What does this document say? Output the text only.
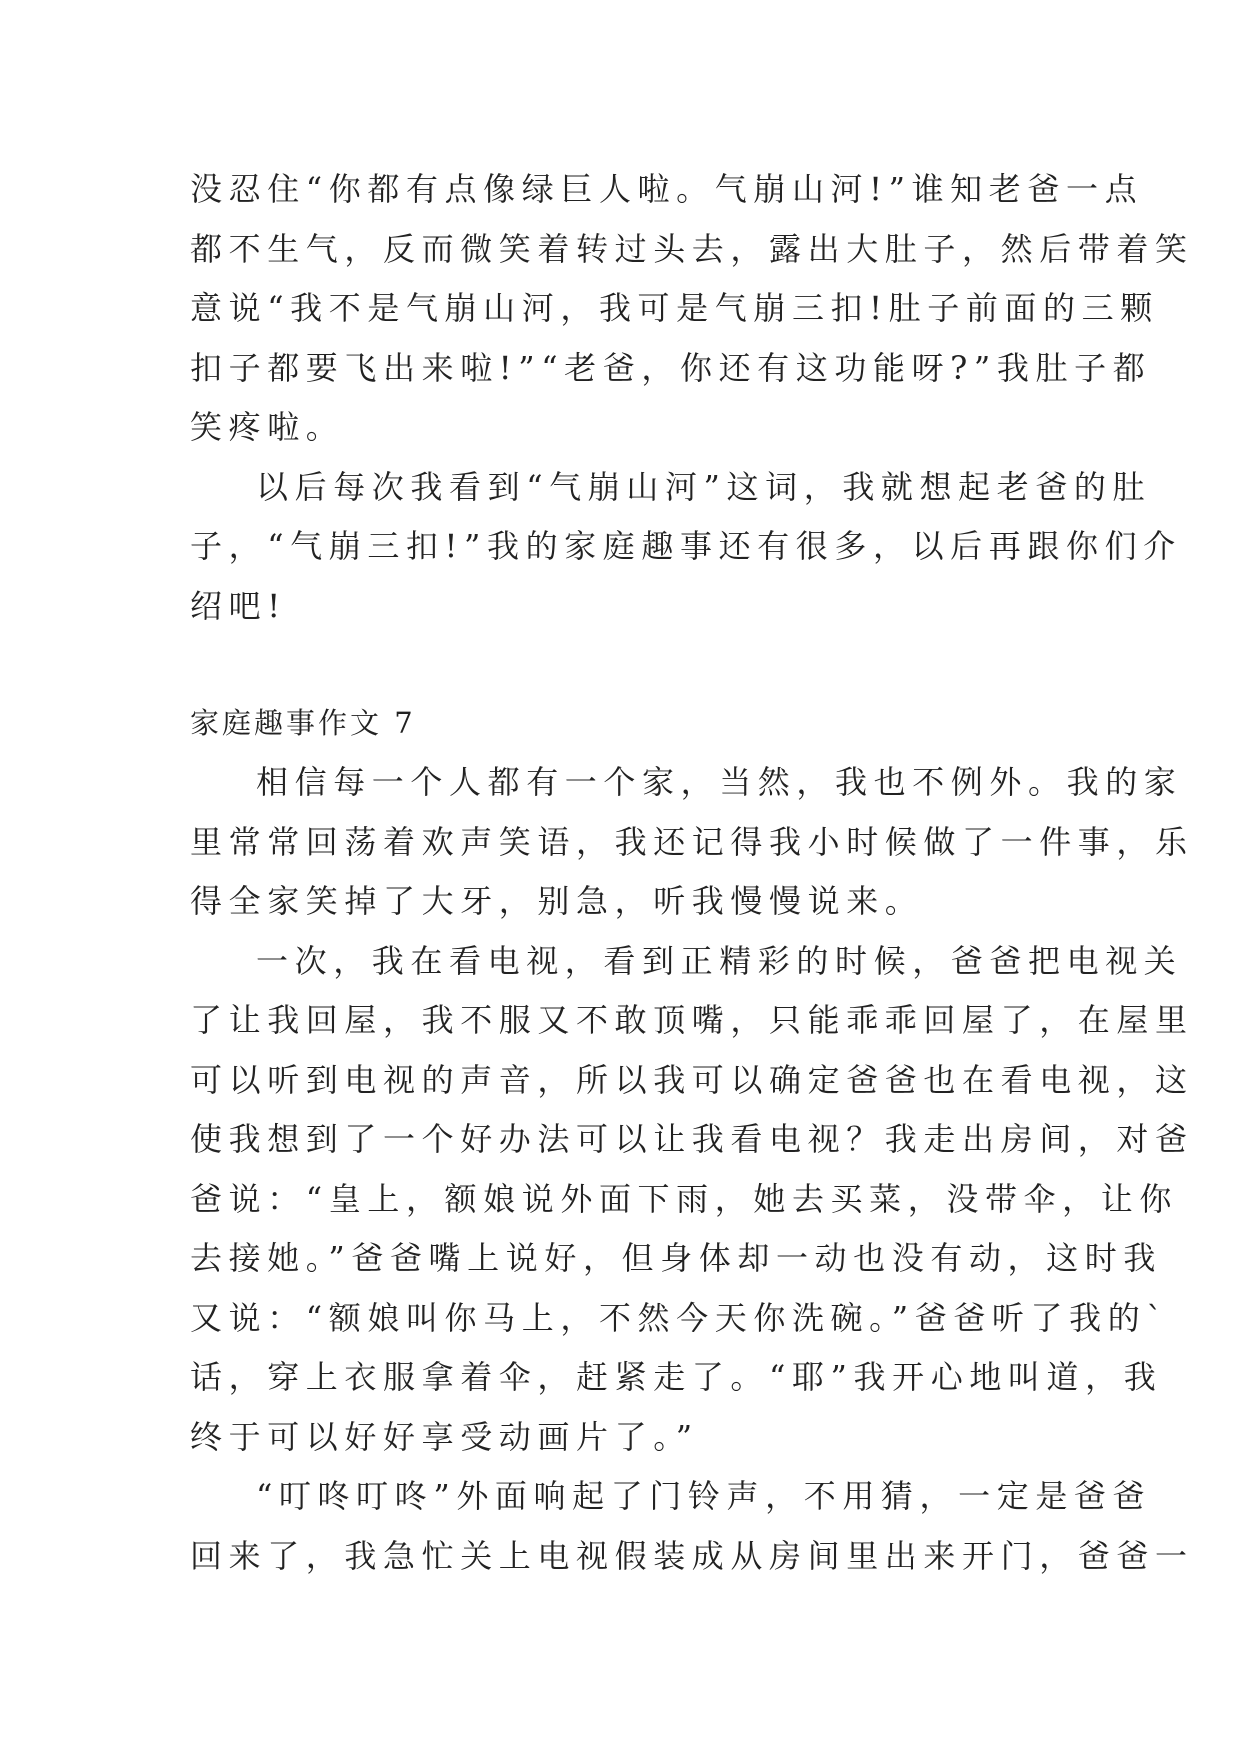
没忍住“你都有点像绿巨人啦。气崩山河!”谁知老爸一点
都不生气，反而微笑着转过头去，露出大肚子，然后带着笑
意说“我不是气崩山河，我可是气崩三扣!肚子前面的三颗
扣子都要飞出来啦!”“老爸，你还有这功能呀?”我肚子都
笑疼啦。
以后每次我看到“气崩山河”这词，我就想起老爸的肚
子，“气崩三扣!”我的家庭趣事还有很多，以后再跟你们介
绍吧!
家庭趣事作文 7
相信每一个人都有一个家，当然，我也不例外。我的家
里常常回荡着欢声笑语，我还记得我小时候做了一件事，乐
得全家笑掉了大牙，别急，听我慢慢说来。
一次，我在看电视，看到正精彩的时候，爸爸把电视关
了让我回屋，我不服又不敢顶嘴，只能乖乖回屋了，在屋里
可以听到电视的声音，所以我可以确定爸爸也在看电视，这
使我想到了一个好办法可以让我看电视？我走出房间，对爸
爸说：“皇上，额娘说外面下雨，她去买菜，没带伞，让你
去接她。”爸爸嘴上说好，但身体却一动也没有动，这时我
又说：“额娘叫你马上，不然今天你洗碗。”爸爸听了我的`
话，穿上衣服拿着伞，赶紧走了。“耶”我开心地叫道，我
终于可以好好享受动画片了。”
“叮咚叮咚”外面响起了门铃声，不用猜，一定是爸爸
回来了，我急忙关上电视假装成从房间里出来开门，爸爸一
